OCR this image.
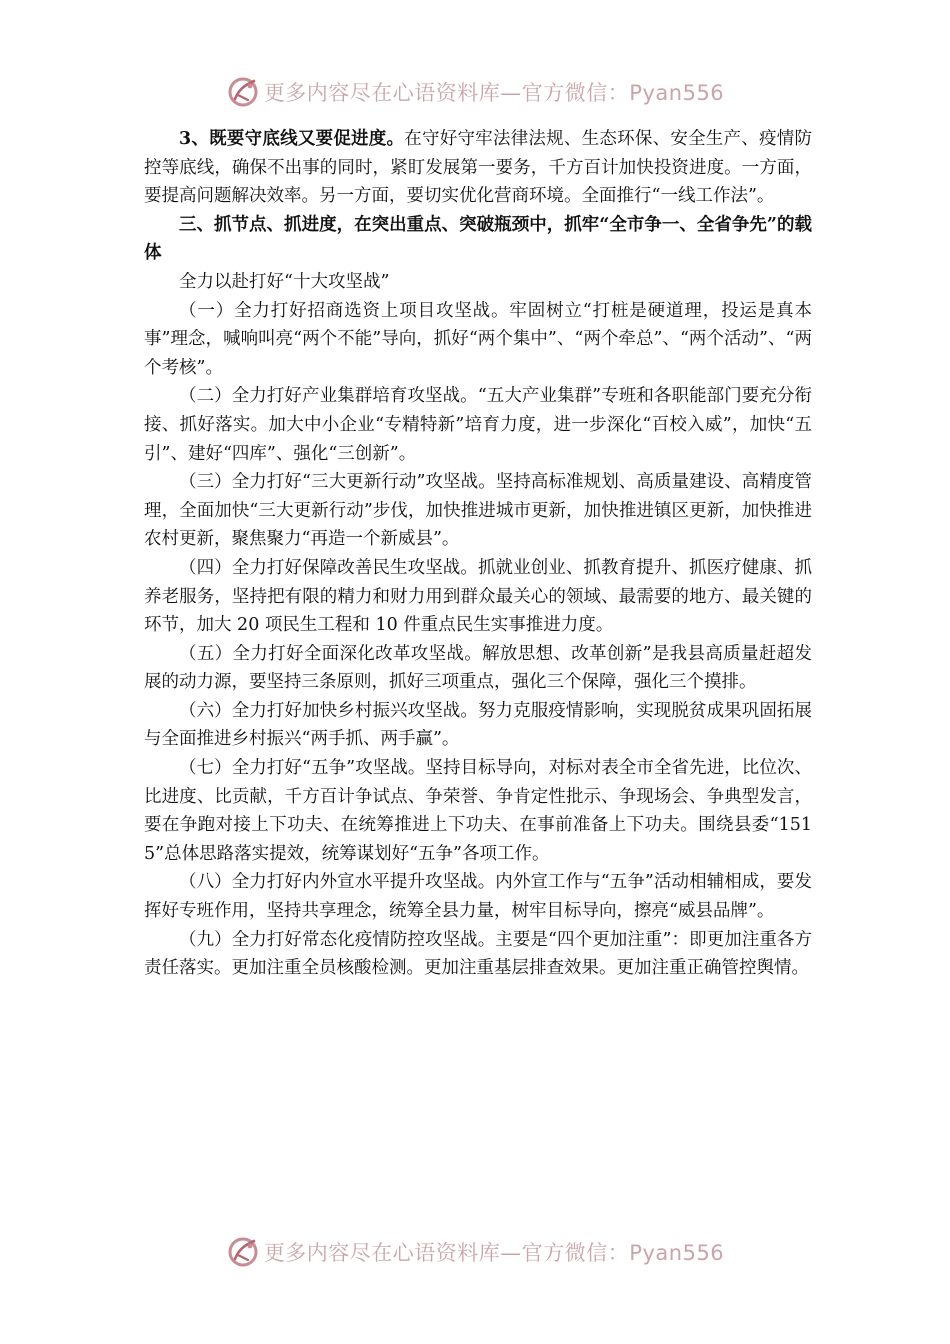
更多内容尽在心语资料库—官方微信：Pyan556

3、既要守底线又要促进度。在守好守牢法律法规、生态环保、安全生产、疫情防控等底线，确保不出事的同时，紧盯发展第一要务，千方百计加快投资进度。一方面，要提高问题解决效率。另一方面，要切实优化营商环境。全面推行“一线工作法”。

三、抓节点、抓进度，在突出重点、突破瓶颈中，抓牢“全市争一、全省争先”的载体

全力以赴打好“十大攻坚战”

（一）全力打好招商选资上项目攻坚战。牢固树立“打桩是硬道理，投运是真本事”理念，喊响叫亮“两个不能”导向，抓好“两个集中”、“两个牵总”、“两个活动”、“两个考核”。

（二）全力打好产业集群培育攻坚战。“五大产业集群”专班和各职能部门要充分衔接、抓好落实。加大中小企业“专精特新”培育力度，进一步深化“百校入威”，加快“五引”、建好“四库”、强化“三创新”。

（三）全力打好“三大更新行动”攻坚战。坚持高标准规划、高质量建设、高精度管理，全面加快“三大更新行动”步伐，加快推进城市更新，加快推进镇区更新，加快推进农村更新，聚焦聚力“再造一个新威县”。

（四）全力打好保障改善民生攻坚战。抓就业创业、抓教育提升、抓医疗健康、抓养老服务，坚持把有限的精力和财力用到群众最关心的领域、最需要的地方、最关键的环节，加大 20 项民生工程和 10 件重点民生实事推进力度。

（五）全力打好全面深化改革攻坚战。解放思想、改革创新”是我县高质量赶超发展的动力源，要坚持三条原则，抓好三项重点，强化三个保障，强化三个摸排。

（六）全力打好加快乡村振兴攻坚战。努力克服疫情影响，实现脱贫成果巩固拓展与全面推进乡村振兴“两手抓、两手赢”。

（七）全力打好“五争”攻坚战。坚持目标导向，对标对表全市全省先进，比位次、比进度、比贡献，千方百计争试点、争荣誉、争肯定性批示、争现场会、争典型发言，要在争跑对接上下功夫、在统筹推进上下功夫、在事前准备上下功夫。围绕县委“1515”总体思路落实提效，统筹谋划好“五争”各项工作。

（八）全力打好内外宣水平提升攻坚战。内外宣工作与“五争”活动相辅相成，要发挥好专班作用，坚持共享理念，统筹全县力量，树牢目标导向，擦亮“威县品牌”。

（九）全力打好常态化疫情防控攻坚战。主要是“四个更加注重”：即更加注重各方责任落实。更加注重全员核酸检测。更加注重基层排查效果。更加注重正确管控舆情。

更多内容尽在心语资料库—官方微信：Pyan556
